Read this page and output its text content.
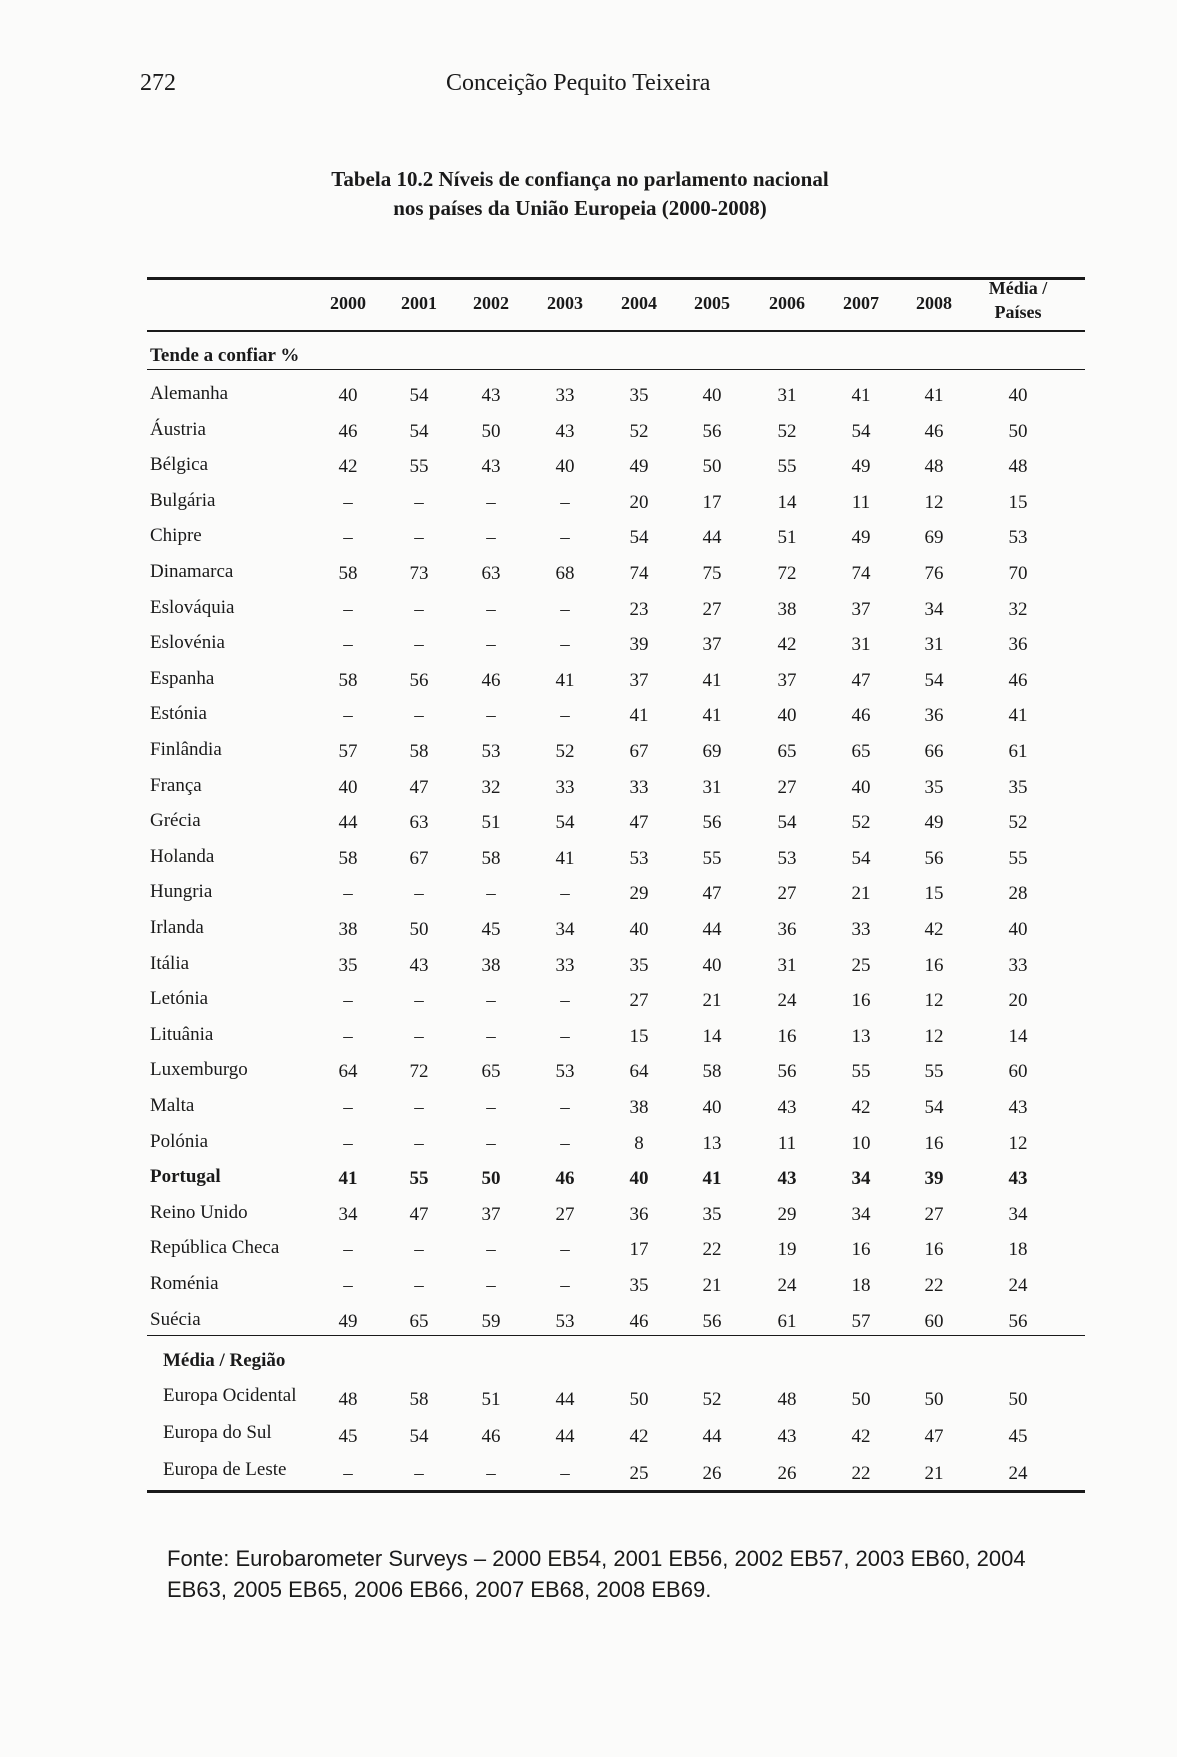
272	Conceição Pequito Teixeira
Tabela 10.2 Níveis de confiança no parlamento nacional
nos países da União Europeia (2000-2008)
2000 2001 2002 2003 2004 2005 2006 2007 2008
Média /
Países
Tende a confiar %
Alemanha	40	54	43	33	35	40	31	41	41	40
Áustria	46	54	50	43	52	56	52	54	46	50
Bélgica	42	55	43	40	49	50	55	49	48	48
Bulgária	–	–	–	–	20	17	14	11	12	15
Chipre	–	–	–	–	54	44	51	49	69	53
Dinamarca	58	73	63	68	74	75	72	74	76	70
Eslováquia	–	–	–	–	23	27	38	37	34	32
Eslovénia	–	–	–	–	39	37	42	31	31	36
Espanha	58	56	46	41	37	41	37	47	54	46
Estónia	–	–	–	–	41	41	40	46	36	41
Finlândia	57	58	53	52	67	69	65	65	66	61
França	40	47	32	33	33	31	27	40	35	35
Grécia	44	63	51	54	47	56	54	52	49	52
Holanda	58	67	58	41	53	55	53	54	56	55
Hungria	–	–	–	–	29	47	27	21	15	28
Irlanda	38	50	45	34	40	44	36	33	42	40
Itália	35	43	38	33	35	40	31	25	16	33
Letónia	–	–	–	–	27	21	24	16	12	20
Lituânia	–	–	–	–	15	14	16	13	12	14
Luxemburgo	64	72	65	53	64	58	56	55	55	60
Malta	–	–	–	–	38	40	43	42	54	43
Polónia	–	–	–	–	8	13	11	10	16	12
Portugal	41	55	50	46	40	41	43	34	39	43
Reino Unido	34	47	37	27	36	35	29	34	27	34
República Checa	–	–	–	–	17	22	19	16	16	18
Roménia	–	–	–	–	35	21	24	18	22	24
Suécia	49	65	59	53	46	56	61	57	60	56
Média / Região
Europa Ocidental	48	58	51	44	50	52	48	50	50	50
Europa do Sul	45	54	46	44	42	44	43	42	47	45
Europa de Leste	–	–	–	–	25	26	26	22	21	24
Fonte: Eurobarometer Surveys – 2000 EB54, 2001 EB56, 2002 EB57, 2003 EB60, 2004
EB63, 2005 EB65, 2006 EB66, 2007 EB68, 2008 EB69.
